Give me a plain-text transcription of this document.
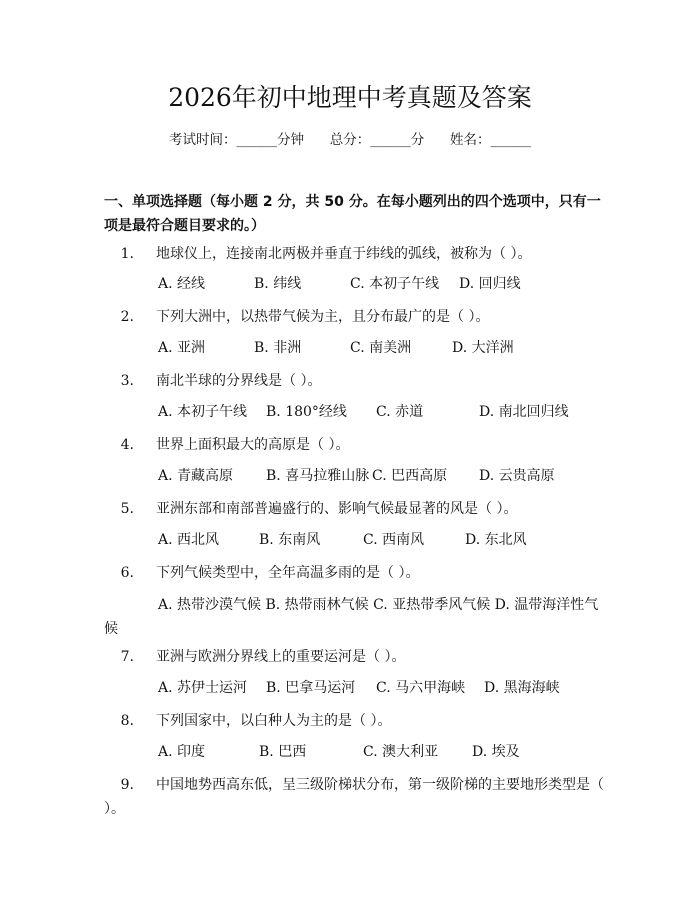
2026年初中地理中考真题及答案
考试时间：______分钟 总分：______分 姓名：______
一、单项选择题（每小题 2 分，共 50 分。在每小题列出的四个选项中，只有一项是最符合题目要求的。）
1. 地球仪上，连接南北两极并垂直于纬线的弧线，被称为（ ）。
A. 经线	B. 纬线	C. 本初子午线 D. 回归线
2. 下列大洲中，以热带气候为主，且分布最广的是（ ）。
A. 亚洲	B. 非洲	C. 南美洲	D. 大洋洲
3. 南北半球的分界线是（ ）。
A. 本初子午线 B. 180°经线 C. 赤道	D. 南北回归线
4. 世界上面积最大的高原是（ ）。
A. 青藏高原 B. 喜马拉雅山脉 C. 巴西高原 D. 云贵高原
5. 亚洲东部和南部普遍盛行的、影响气候最显著的风是（ ）。
A. 西北风	B. 东南风	C. 西南风	D. 东北风
6. 下列气候类型中，全年高温多雨的是（ ）。
A. 热带沙漠气候 B. 热带雨林气候 C. 亚热带季风气候 D. 温带海洋性气候
7. 亚洲与欧洲分界线上的重要运河是（ ）。
A. 苏伊士运河 B. 巴拿马运河 C. 马六甲海峡 D. 黑海海峡
8. 下列国家中，以白种人为主的是（ ）。
A. 印度	B. 巴西	C. 澳大利亚 D. 埃及
9. 中国地势西高东低，呈三级阶梯状分布，第一级阶梯的主要地形类型是（ ）。
